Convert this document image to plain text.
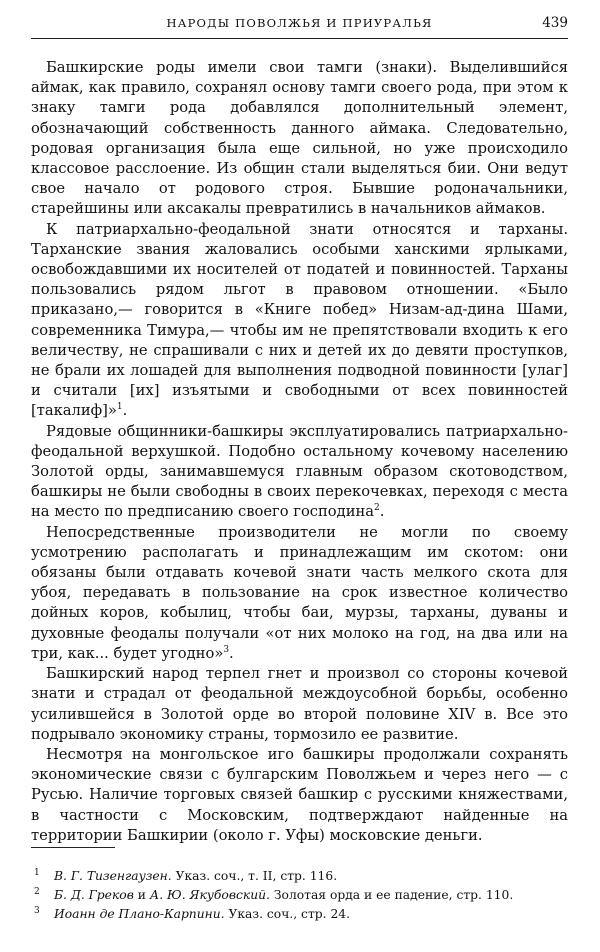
НАРОДЫ ПОВОЛЖЬЯ И ПРИУРАЛЬЯ	439

Башкирские роды имели свои тамги (знаки). Выделившийся аймак, как правило, сохранял основу тамги своего рода, при этом к знаку тамги рода добавлялся дополнительный элемент, обозначающий собственность данного аймака. Следовательно, родовая организация была еще сильной, но уже происходило классовое расслоение. Из общин стали выделяться бии. Они ведут свое начало от родового строя. Бывшие родоначальники, старейшины или аксакалы превратились в начальников аймаков.

К патриархально-феодальной знати относятся и тарханы. Тарханские звания жаловались особыми ханскими ярлыками, освобождавшими их носителей от податей и повинностей. Тарханы пользовались рядом льгот в правовом отношении. «Было приказано,— говорится в «Книге побед» Низам-ад-дина Шами, современника Тимура,— чтобы им не препятствовали входить к его величеству, не спрашивали с них и детей их до девяти проступков, не брали их лошадей для выполнения подводной повинности [улаг] и считали [их] изъятыми и свободными от всех повинностей [такалиф]»$^1$.

Рядовые общинники-башкиры эксплуатировались патриархально-феодальной верхушкой. Подобно остальному кочевому населению Золотой орды, занимавшемуся главным образом скотоводством, башкиры не были свободны в своих перекочевках, переходя с места на место по предписанию своего господина$^2$.

Непосредственные производители не могли по своему усмотрению располагать и принадлежащим им скотом: они обязаны были отдавать кочевой знати часть мелкого скота для убоя, передавать в пользование на срок известное количество дойных коров, кобылиц, чтобы баи, мурзы, тарханы, дуваны и духовные феодалы получали «от них молоко на год, на два или на три, как... будет угодно»$^3$.

Башкирский народ терпел гнет и произвол со стороны кочевой знати и страдал от феодальной междоусобной борьбы, особенно усилившейся в Золотой орде во второй половине XIV в. Все это подрывало экономику страны, тормозило ее развитие.

Несмотря на монгольское иго башкиры продолжали сохранять экономические связи с булгарским Поволжьем и через него — с Русью. Наличие торговых связей башкир с русскими княжествами, в частности с Московским, подтверждают найденные на территории Башкирии (около г. Уфы) московские деньги.

$^1$ В. Г. Тизенгаузен. Указ. соч., т. II, стр. 116.
$^2$ Б. Д. Греков и А. Ю. Якубовский. Золотая орда и ее падение, стр. 110.
$^3$ Иоанн де Плано-Карпини. Указ. соч., стр. 24.
